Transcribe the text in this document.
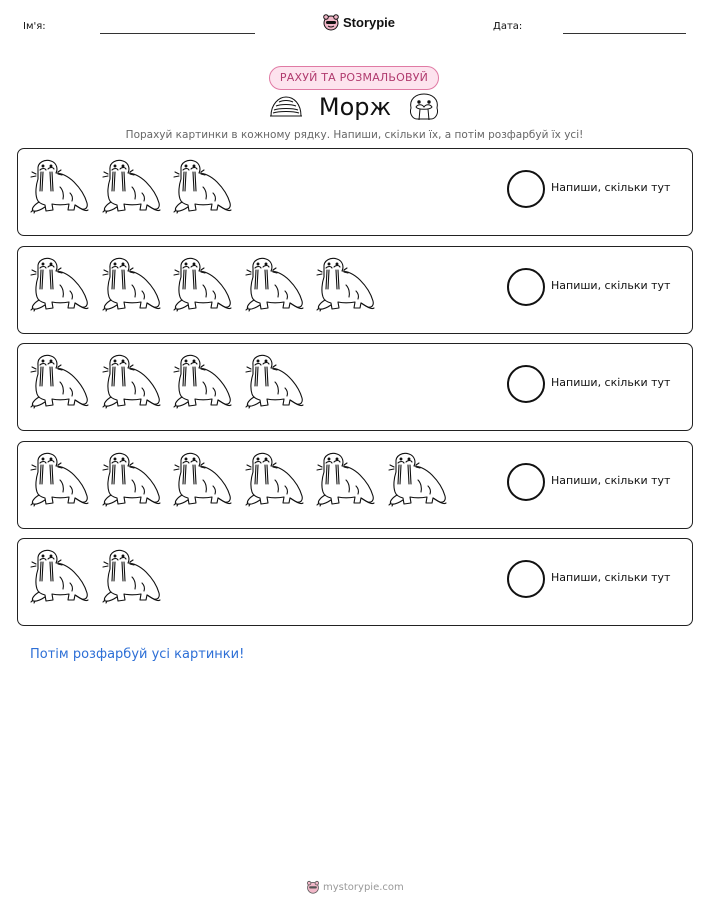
Ім'я:	Storypie	Дата:
РАХУЙ ТА РОЗМАЛЬОВУЙ
Морж
Порахуй картинки в кожному рядку. Напиши, скільки їх, а потім розфарбуй їх усі!
Напиши, скільки тут
Напиши, скільки тут
Напиши, скільки тут
Напиши, скільки тут
Напиши, скільки тут
Потім розфарбуй усі картинки!
mystorypie.com
